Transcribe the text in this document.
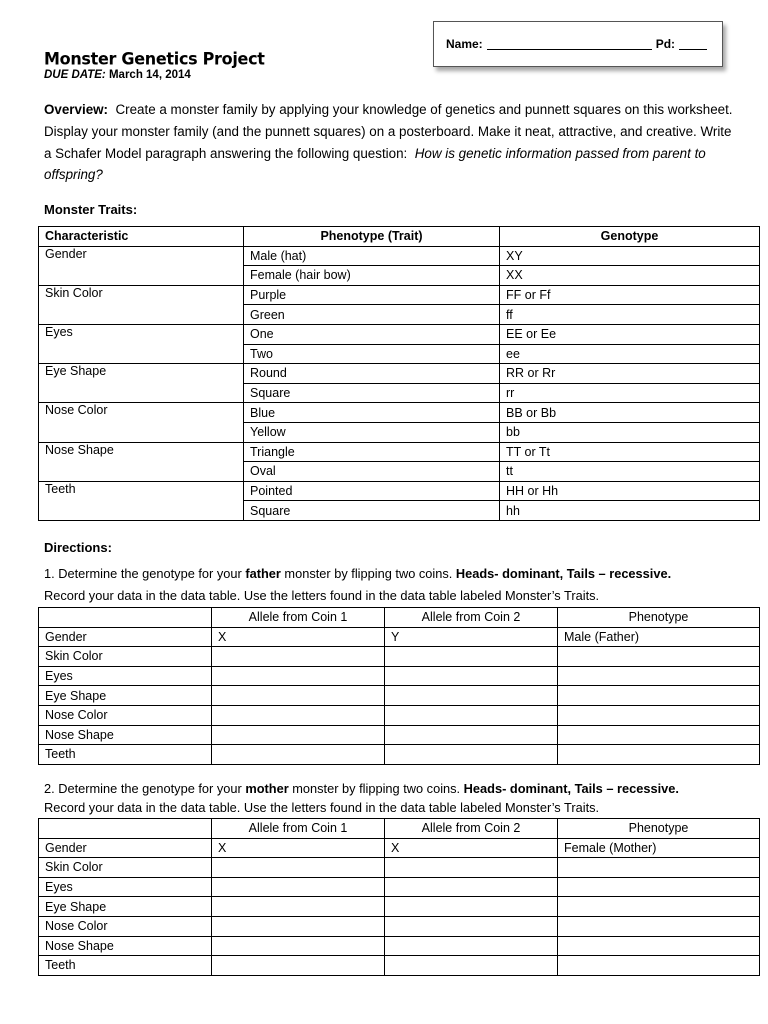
Monster Genetics Project
DUE DATE: March 14, 2014
Name:	Pd:
Overview: Create a monster family by applying your knowledge of genetics and punnett squares on this worksheet. Display your monster family (and the punnett squares) on a posterboard. Make it neat, attractive, and creative. Write a Schafer Model paragraph answering the following question: How is genetic information passed from parent to offspring?
Monster Traits:
Characteristic	Phenotype (Trait)	Genotype
Gender	Male (hat)	XY
	Female (hair bow)	XX
Skin Color	Purple	FF or Ff
	Green	ff
Eyes	One	EE or Ee
	Two	ee
Eye Shape	Round	RR or Rr
	Square	rr
Nose Color	Blue	BB or Bb
	Yellow	bb
Nose Shape	Triangle	TT or Tt
	Oval	tt
Teeth	Pointed	HH or Hh
	Square	hh
Directions:
1. Determine the genotype for your father monster by flipping two coins. Heads- dominant, Tails – recessive.
Record your data in the data table. Use the letters found in the data table labeled Monster’s Traits.
	Allele from Coin 1	Allele from Coin 2	Phenotype
Gender	X	Y	Male (Father)
Skin Color			
Eyes			
Eye Shape			
Nose Color			
Nose Shape			
Teeth			
2. Determine the genotype for your mother monster by flipping two coins. Heads- dominant, Tails – recessive.
Record your data in the data table. Use the letters found in the data table labeled Monster’s Traits.
	Allele from Coin 1	Allele from Coin 2	Phenotype
Gender	X	X	Female (Mother)
Skin Color			
Eyes			
Eye Shape			
Nose Color			
Nose Shape			
Teeth			
